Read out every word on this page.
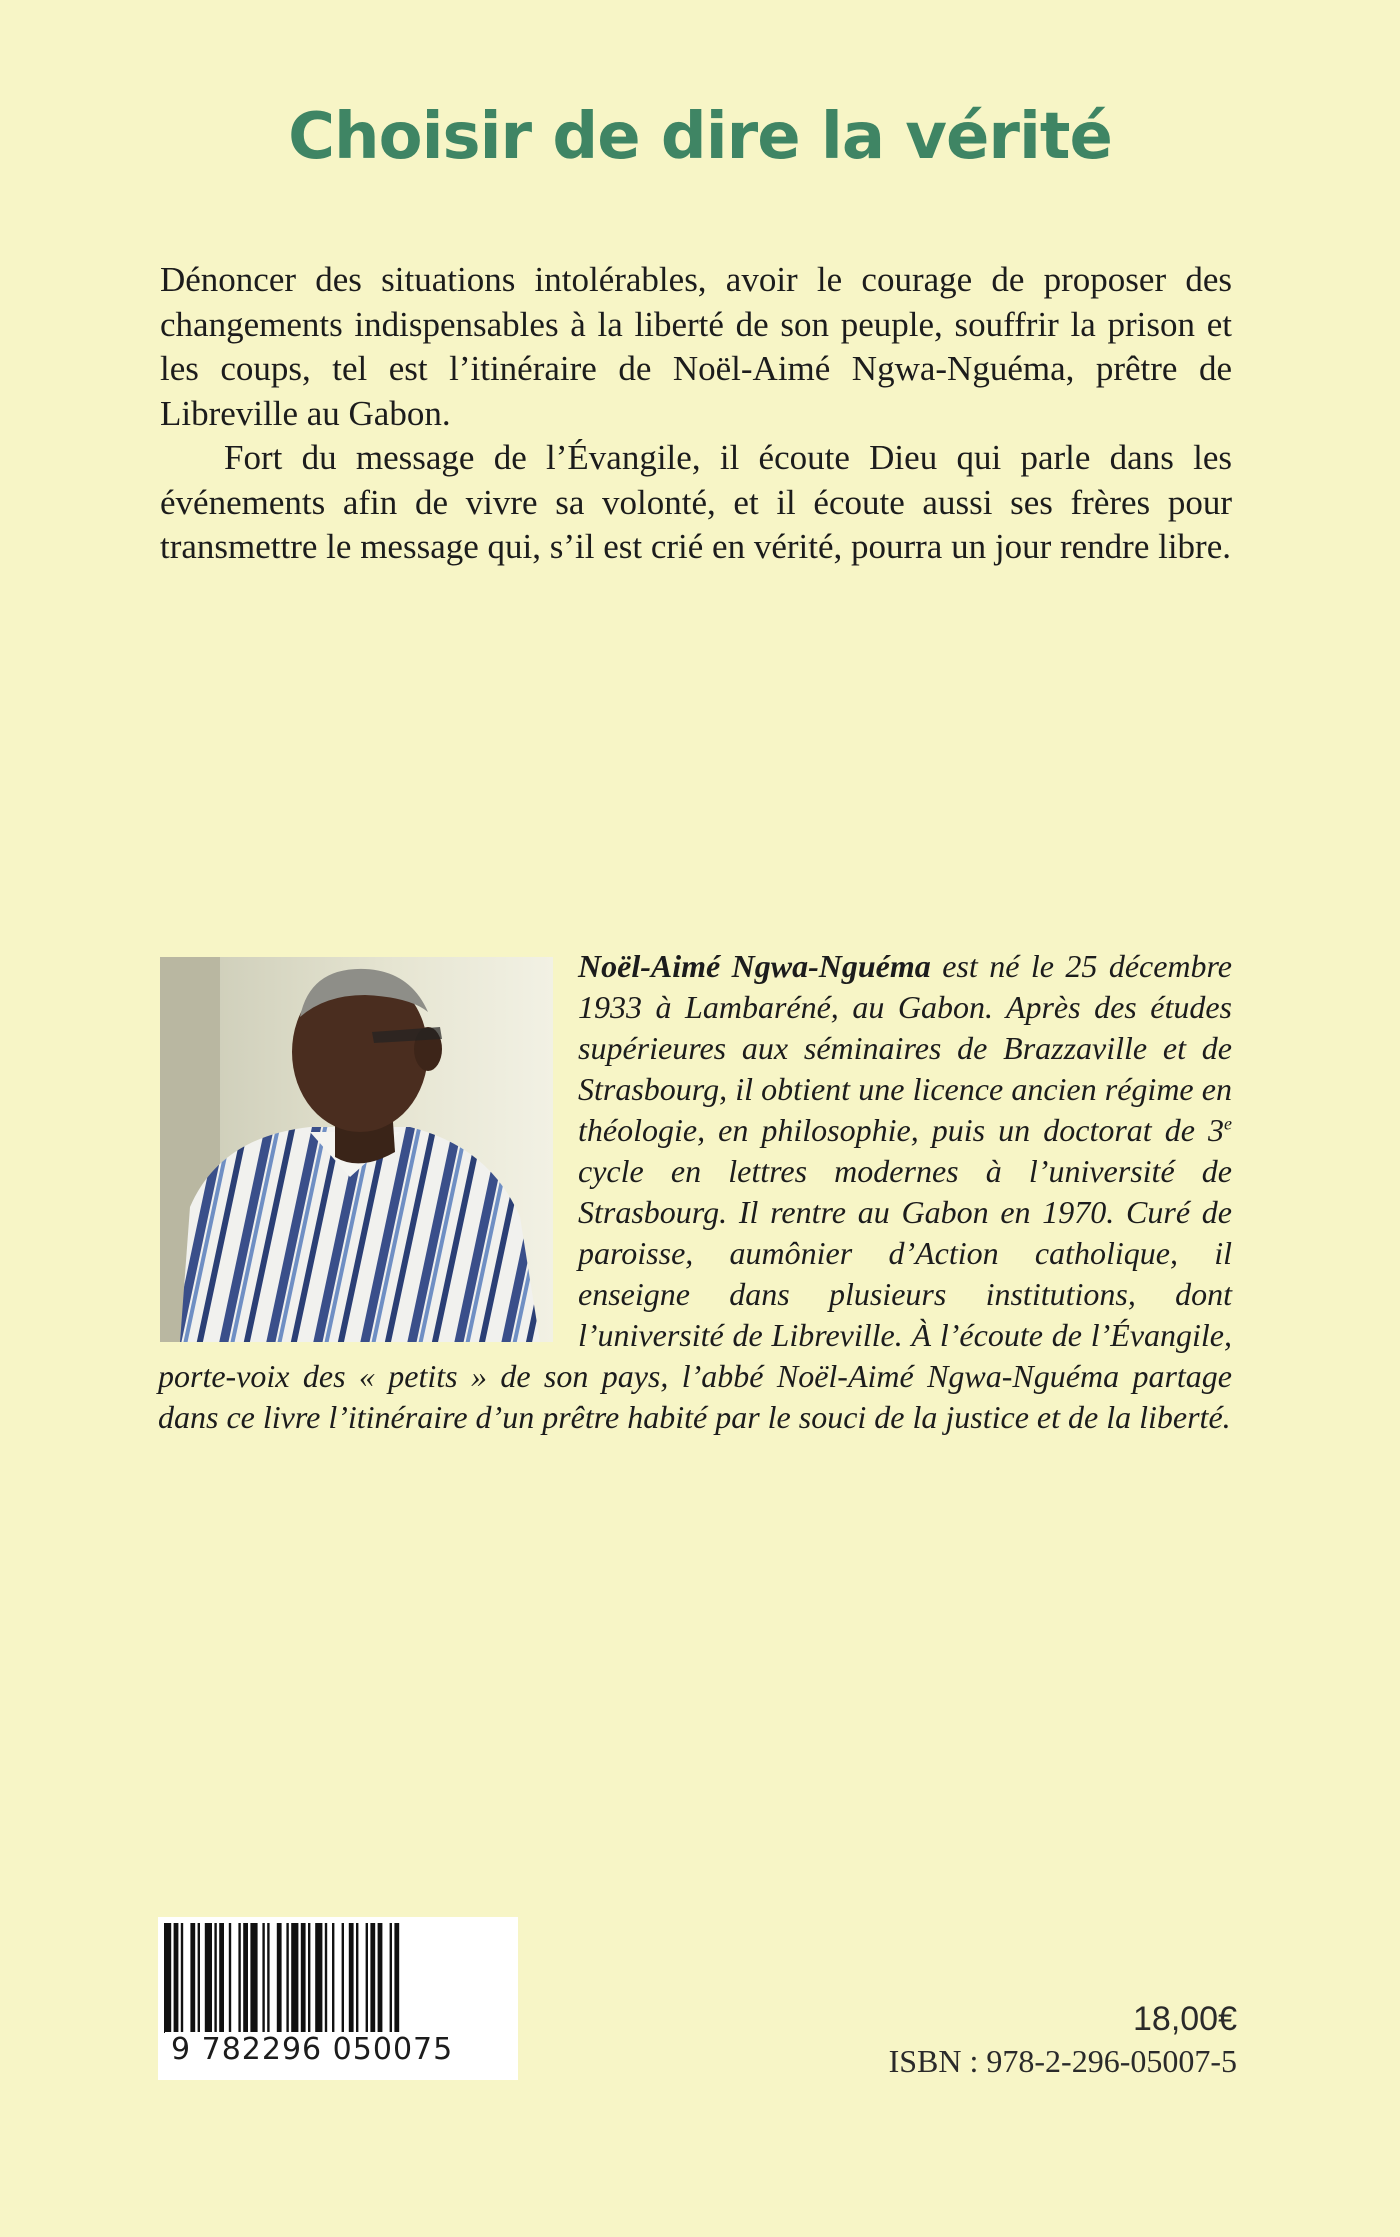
Choisir de dire la vérité

Dénoncer des situations intolérables, avoir le courage de proposer des changements indispensables à la liberté de son peuple, souffrir la prison et les coups, tel est l’itinéraire de Noël-Aimé Ngwa-Nguéma, prêtre de Libreville au Gabon.

Fort du message de l’Évangile, il écoute Dieu qui parle dans les événements afin de vivre sa volonté, et il écoute aussi ses frères pour transmettre le message qui, s’il est crié en vérité, pourra un jour rendre libre.

Noël-Aimé Ngwa-Nguéma est né le 25 décembre 1933 à Lambaréné, au Gabon. Après des études supérieures aux séminaires de Brazzaville et de Strasbourg, il obtient une licence ancien régime en théologie, en philosophie, puis un doctorat de 3e cycle en lettres modernes à l’université de Strasbourg. Il rentre au Gabon en 1970. Curé de paroisse, aumônier d’Action catholique, il enseigne dans plusieurs institutions, dont l’université de Libreville. À l’écoute de l’Évangile, porte-voix des « petits » de son pays, l’abbé Noël-Aimé Ngwa-Nguéma partage dans ce livre l’itinéraire d’un prêtre habité par le souci de la justice et de la liberté.
9 782296 050075
18,00€
ISBN : 978-2-296-05007-5
